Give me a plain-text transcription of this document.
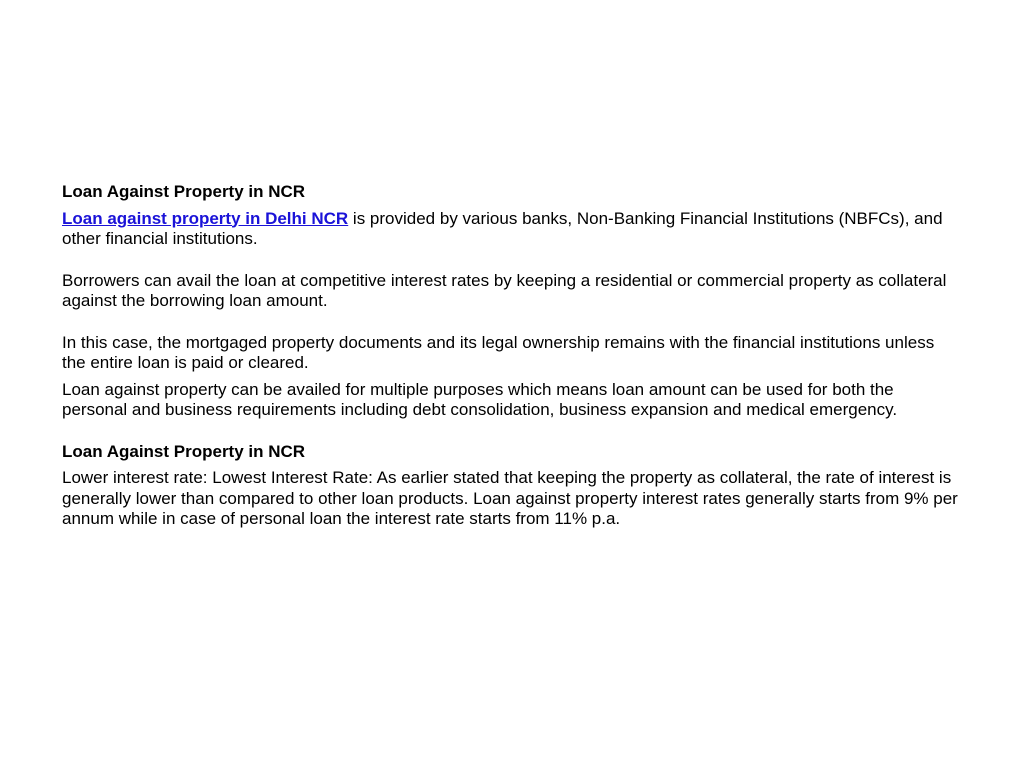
Loan Against Property in NCR

Loan against property in Delhi NCR is provided by various banks, Non-Banking Financial Institutions (NBFCs), and other financial institutions.

Borrowers can avail the loan at competitive interest rates by keeping a residential or commercial property as collateral against the borrowing loan amount.

In this case, the mortgaged property documents and its legal ownership remains with the financial institutions unless the entire loan is paid or cleared.

Loan against property can be availed for multiple purposes which means loan amount can be used for both the personal and business requirements including debt consolidation, business expansion and medical emergency.

Loan Against Property in NCR

Lower interest rate: Lowest Interest Rate: As earlier stated that keeping the property as collateral, the rate of interest is generally lower than compared to other loan products. Loan against property interest rates generally starts from 9% per annum while in case of personal loan the interest rate starts from 11% p.a.
